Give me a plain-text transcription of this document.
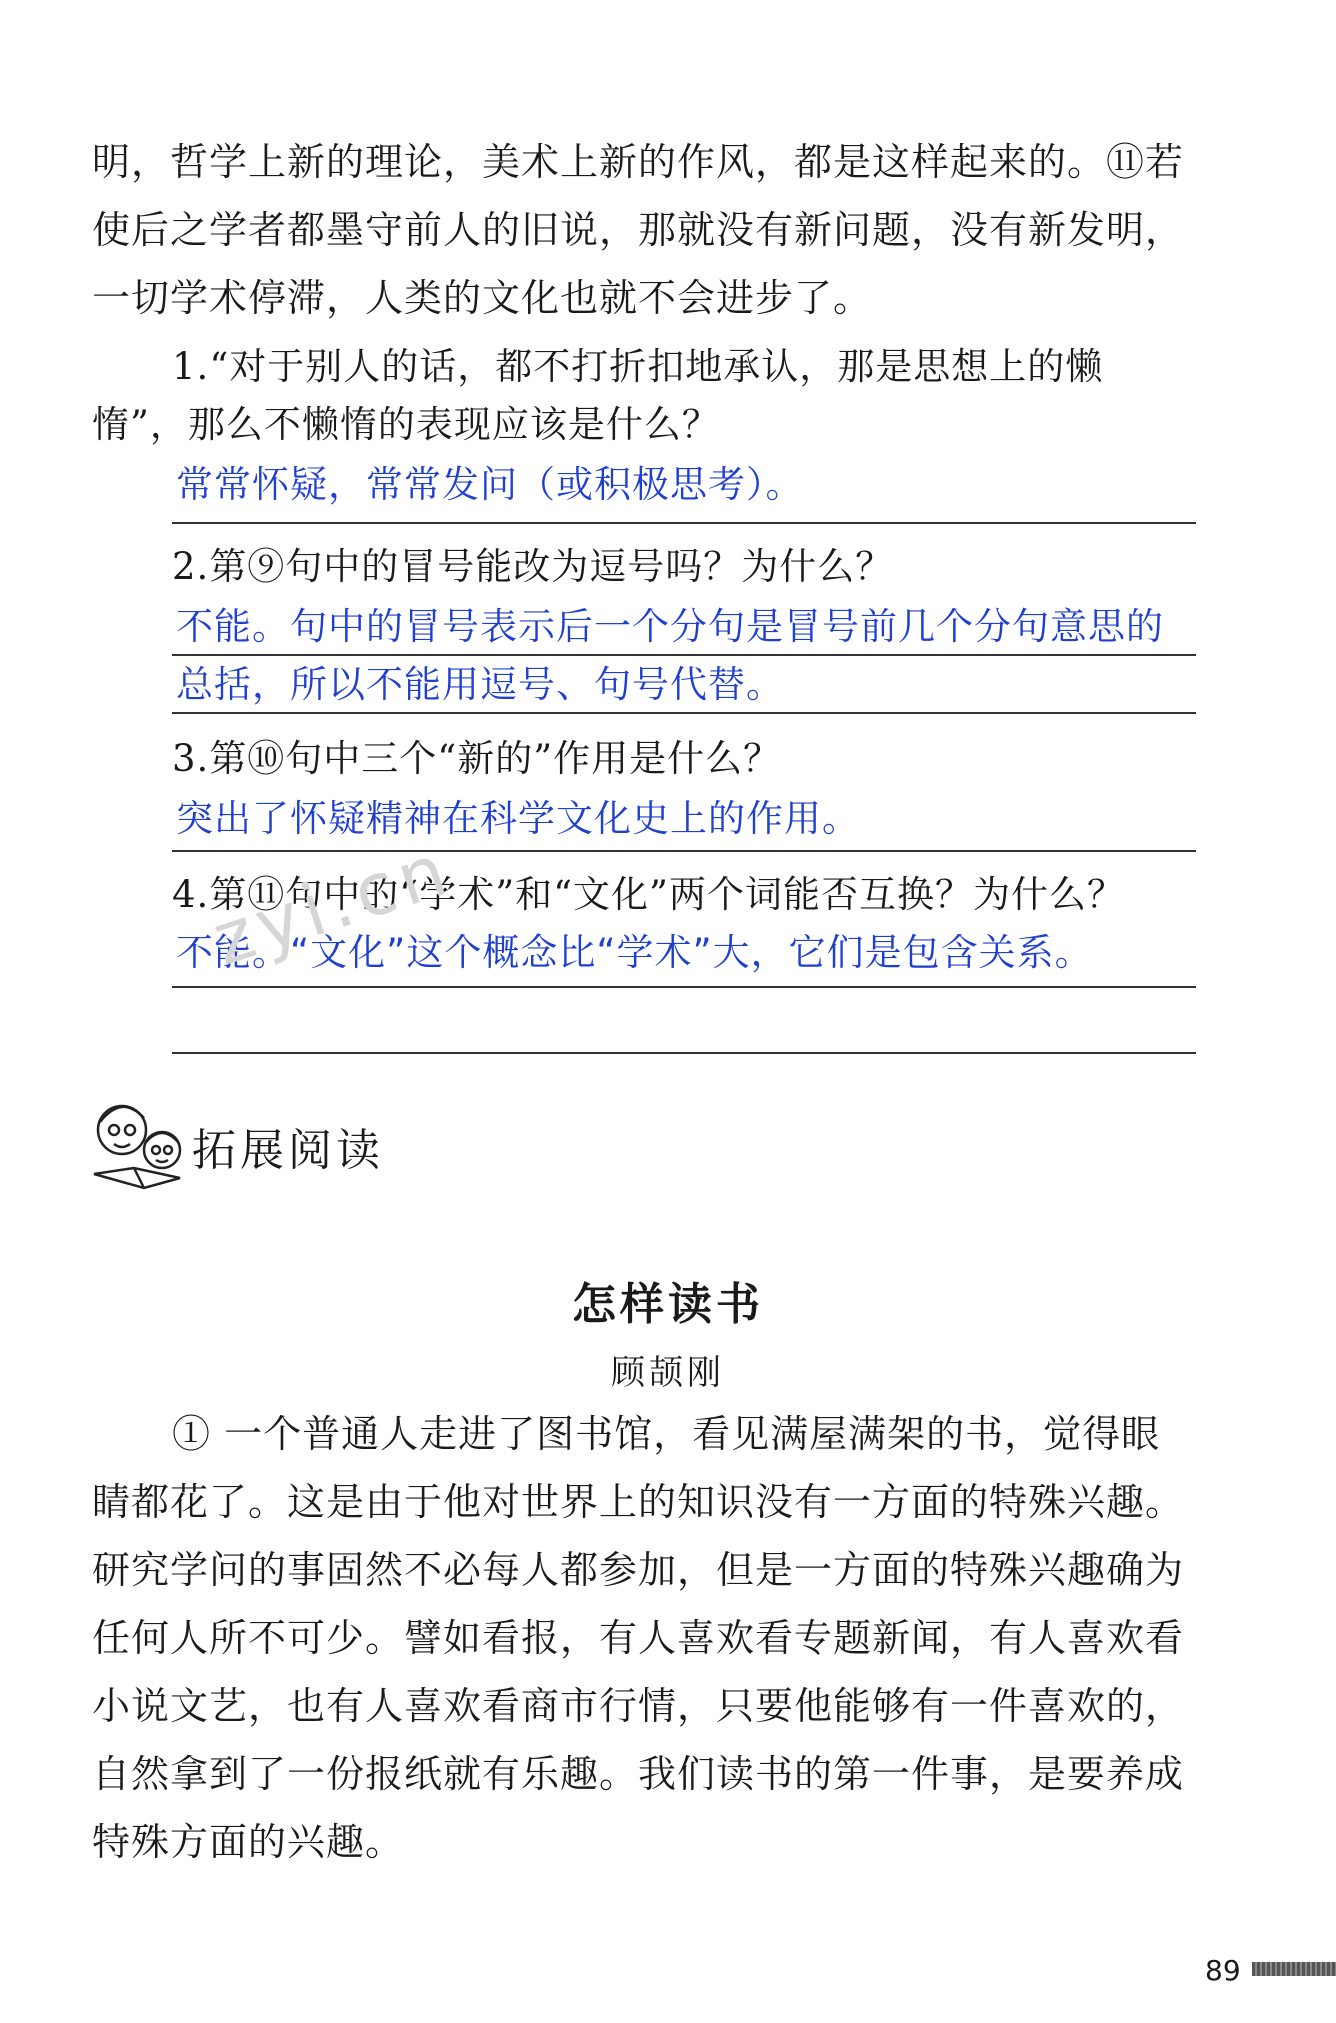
明，哲学上新的理论，美术上新的作风，都是这样起来的。⑪若使后之学者都墨守前人的旧说，那就没有新问题，没有新发明，一切学术停滞，人类的文化也就不会进步了。

1.“对于别人的话，都不打折扣地承认，那是思想上的懒惰”，那么不懒惰的表现应该是什么？

常常怀疑，常常发问（或积极思考）。

2.第⑨句中的冒号能改为逗号吗？为什么？

不能。句中的冒号表示后一个分句是冒号前几个分句意思的总括，所以不能用逗号、句号代替。

3.第⑩句中三个“新的”作用是什么？

突出了怀疑精神在科学文化史上的作用。

4.第⑪句中的“学术”和“文化”两个词能否互换？为什么？

不能。“文化”这个概念比“学术”大，它们是包含关系。

zyi.cn
拓展阅读
怎样读书
顾颉刚

① 一个普通人走进了图书馆，看见满屋满架的书，觉得眼睛都花了。这是由于他对世界上的知识没有一方面的特殊兴趣。研究学问的事固然不必每人都参加，但是一方面的特殊兴趣确为任何人所不可少。譬如看报，有人喜欢看专题新闻，有人喜欢看小说文艺，也有人喜欢看商市行情，只要他能够有一件喜欢的，自然拿到了一份报纸就有乐趣。我们读书的第一件事，是要养成特殊方面的兴趣。

89
